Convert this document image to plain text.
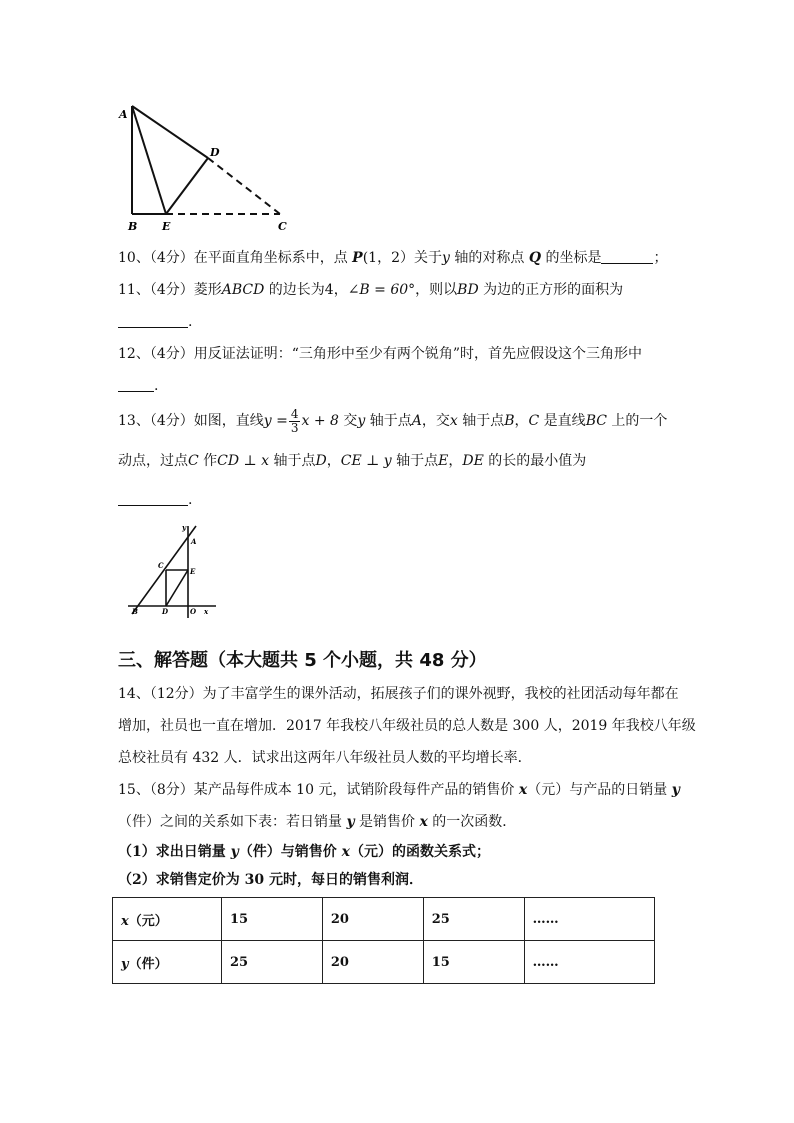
A
B E	C
D
10、（4分）在平面直角坐标系中，点 P(1，2）关于y 轴的对称点 Q 的坐标是	；
11、（4分）菱形ABCD 的边长为4，∠B = 60°，则以BD 为边的正方形的面积为
.
12、（4分）用反证法证明：“三角形中至少有两个锐角”时，首先应假设这个三角形中
.
13、（4分）如图，直线$y = \frac{4}{3}$ x + 8 交y 轴于点A，交x 轴于点B，C 是直线BC 上的一个
动点，过点C 作CD ⊥ x 轴于点D，CE ⊥ y 轴于点E，DE 的长的最小值为
.
y
A
C
E
B	D	O x
三、解答题（本大题共 5 个小题，共 48 分）
14、（12分）为了丰富学生的课外活动，拓展孩子们的课外视野，我校的社团活动每年都在
增加，社员也一直在增加．2017 年我校八年级社员的总人数是 300 人，2019 年我校八年级
总校社员有 432 人．试求出这两年八年级社员人数的平均增长率．
15、（8分）某产品每件成本 10 元，试销阶段每件产品的销售价 x（元）与产品的日销量 y
（件）之间的关系如下表：若日销量 y 是销售价 x 的一次函数．
（1）求出日销量 y（件）与销售价 x（元）的函数关系式；
（2）求销售定价为 30 元时，每日的销售利润．
x（元）	15	20	25	……
y（件）	25	20	15	……
